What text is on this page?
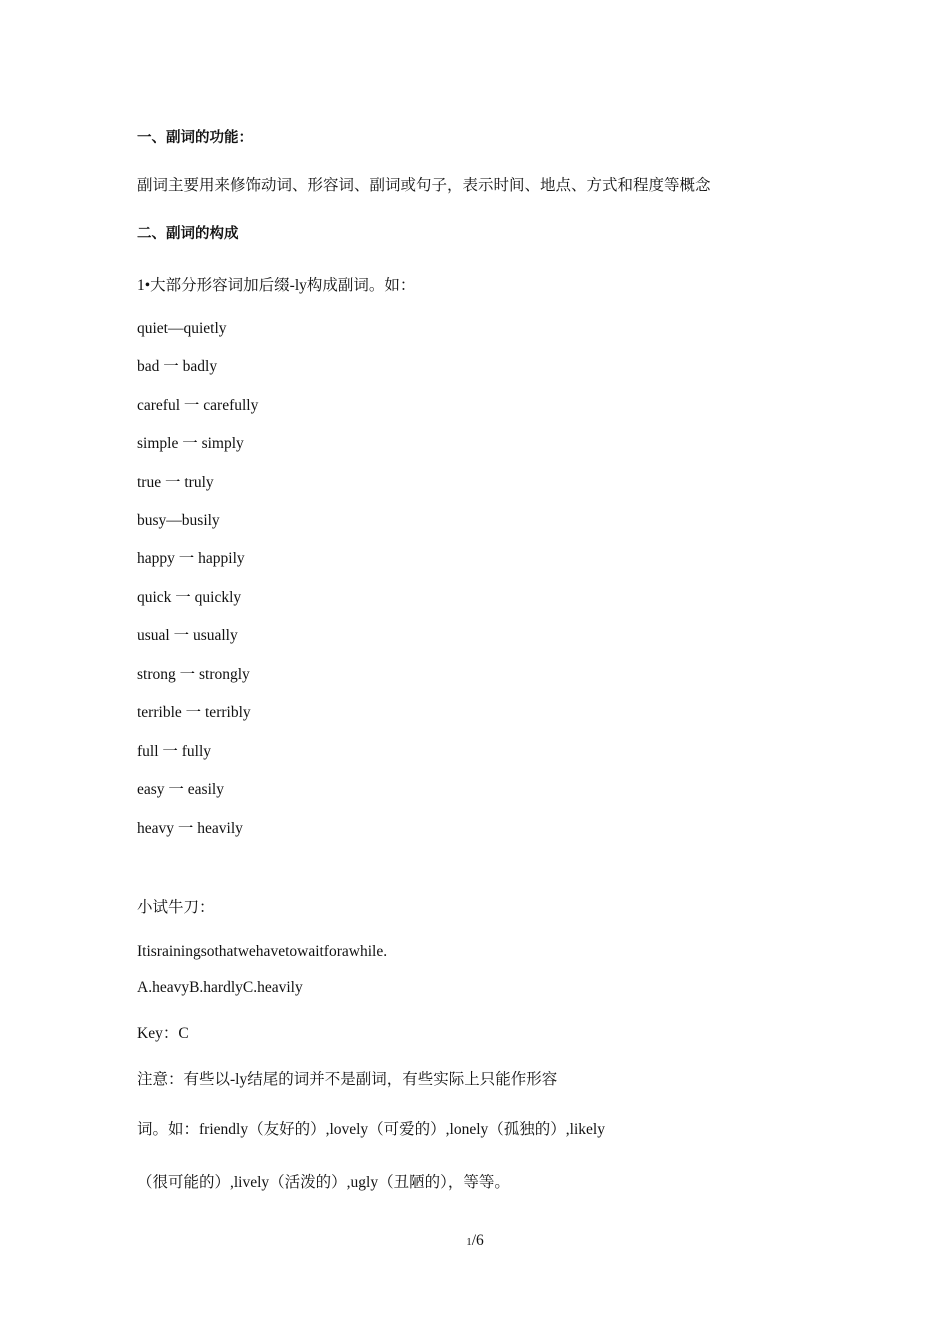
一、副词的功能：
副词主要用来修饰动词、形容词、副词或句子，表示时间、地点、方式和程度等概念
二、副词的构成
1•大部分形容词加后缀-ly构成副词。如：
quiet—quietly
bad 一 badly
careful 一 carefully
simple 一 simply
true 一 truly
busy—busily
happy 一 happily
quick 一 quickly
usual 一 usually
strong 一 strongly
terrible 一 terribly
full 一 fully
easy 一 easily
heavy 一 heavily
小试牛刀：
Itisrainingsothatwehavetowaitforawhile.
A.heavyB.hardlyC.heavily
Key：C
注意：有些以-ly结尾的词并不是副词，有些实际上只能作形容
词。如：friendly（友好的）,lovely（可爱的）,lonely（孤独的）,likely
（很可能的）,lively（活泼的）,ugly（丑陋的），等等。
1/6
